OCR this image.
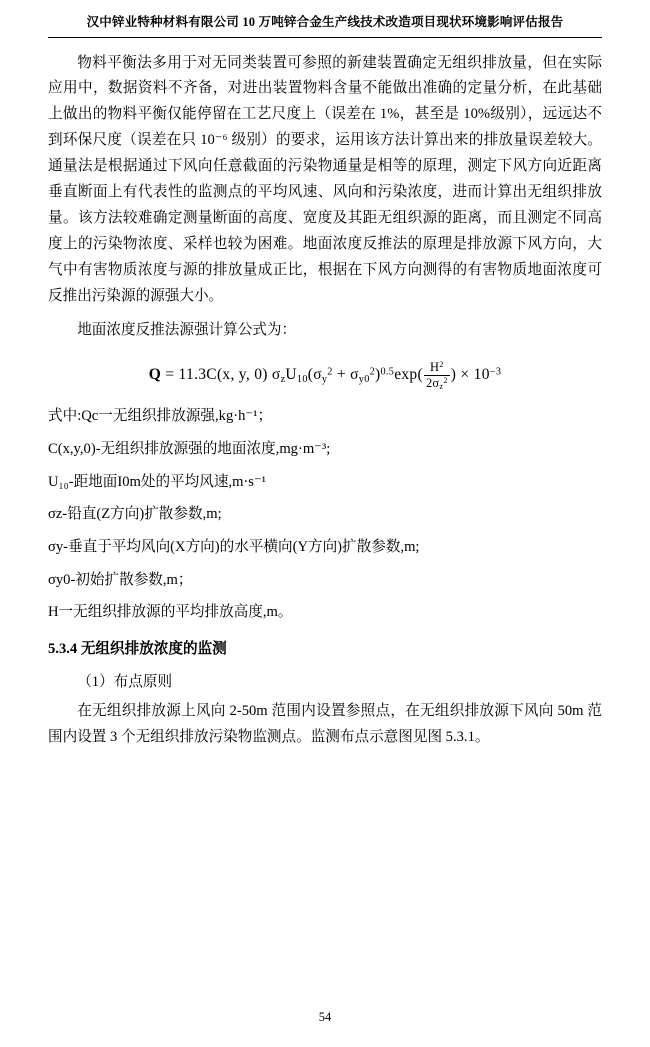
汉中锌业特种材料有限公司 10 万吨锌合金生产线技术改造项目现状环境影响评估报告

物料平衡法多用于对无同类装置可参照的新建装置确定无组织排放量，但在实际应用中，数据资料不齐备，对进出装置物料含量不能做出准确的定量分析，在此基础上做出的物料平衡仅能停留在工艺尺度上（误差在 1%，甚至是 10%级别），远远达不到环保尺度（误差在只 10⁻⁶ 级别）的要求，运用该方法计算出来的排放量误差较大。通量法是根据通过下风向任意截面的污染物通量是相等的原理，测定下风方向近距离垂直断面上有代表性的监测点的平均风速、风向和污染浓度，进而计算出无组织排放量。该方法较难确定测量断面的高度、宽度及其距无组织源的距离，而且测定不同高度上的污染物浓度、采样也较为困难。地面浓度反推法的原理是排放源下风方向，大气中有害物质浓度与源的排放量成正比，根据在下风方向测得的有害物质地面浓度可反推出污染源的源强大小。

地面浓度反推法源强计算公式为：

Q = 11.3C(x, y, 0) $\sigma_zU_{10}(\sigma_y^2 + \sigma_{y0}^2)^{0.5}\exp( \frac{H^2}{2\sigma_z^2}$ ) × $10^{-3}$

式中:Qc一无组织排放源强,kg·h⁻¹；

C(x,y,0)-无组织排放源强的地面浓度,mg·m⁻³;

U₁₀-距地面I0m处的平均风速,m·s⁻¹

σz-铅直(Z方向)扩散参数,m;

σy-垂直于平均风向(X方向)的水平横向(Y方向)扩散参数,m;

σy0-初始扩散参数,m；

H一无组织排放源的平均排放高度,m。

5.3.4 无组织排放浓度的监测

（1）布点原则

在无组织排放源上风向 2-50m 范围内设置参照点，在无组织排放源下风向 50m 范围内设置 3 个无组织排放污染物监测点。监测布点示意图见图 5.3.1。

54
